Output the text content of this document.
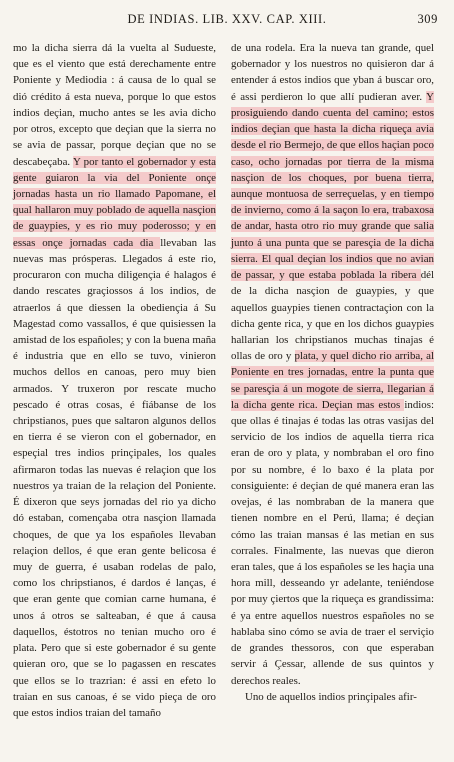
DE INDIAS. LIB. XXV. CAP. XIII.	309
mo la dicha sierra dá la vuelta al Sudueste, que es el viento que está derechamente entre Poniente y Mediodia : á causa de lo qual se dió crédito á esta nueva, porque lo que estos indios deçian, mucho antes se les avia dicho por otros, excepto que deçian que la sierra no se avia de passar, porque deçian que no se descabeçaba. Y por tanto el gobernador y esta gente guiaron la via del Poniente onçe jornadas hasta un rio llamado Papomane, el qual hallaron muy poblado de aquella nasçion de guaypies, y es rio muy poderosso; y en essas onçe jornadas cada dia llevaban las nuevas mas prósperas. Llegados á este rio, procuraron con mucha diligençia é halagos é dando rescates graçiossos á los indios, de atraerlos á que diessen la obediençia á Su Magestad como vassallos, é que quisiessen la amistad de los españoles; y con la buena maña é industria que en ello se tuvo, vinieron muchos dellos en canoas, pero muy bien armados. Y truxeron por rescate mucho pescado é otras cosas, é fiábanse de los chripstianos, pues que saltaron algunos dellos en tierra é se vieron con el gobernador, en espeçial tres indios prinçipales, los quales afirmaron todas las nuevas é relaçion que los nuestros ya traian de la relaçion del Poniente. É dixeron que seys jornadas del rio ya dicho dó estaban, començaba otra nasçion llamada choques, de que ya los españoles llevaban relaçion dellos, é que eran gente belicosa é muy de guerra, é usaban rodelas de palo, como los chripstianos, é dardos é lanças, é que eran gente que comian carne humana, é unos á otros se salteaban, é que á causa daquellos, éstotros no tenian mucho oro é plata. Pero que si este gobernador é su gente quieran oro, que se lo pagassen en rescates que ellos se lo trazrian: é assi en efeto lo traian en sus canoas, é se vido pieça de oro que estos indios traian del tamaño
de una rodela. Era la nueva tan grande, quel gobernador y los nuestros no quisieron dar á entender á estos indios que yban á buscar oro, é assi perdieron lo que allí pudieran aver. Y prosiguiendo dando cuenta del camino; estos indios deçian que hasta la dicha riqueça avia desde el rio Bermejo, de que ellos haçian poco caso, ocho jornadas por tierra de la misma nasçion de los choques, por buena tierra, aunque montuosa de serreçuelas, y en tiempo de invierno, como á la saçon lo era, trabaxosa de andar, hasta otro rio muy grande que salia junto á una punta que se paresçia de la dicha sierra. El qual deçian los indios que no avian de passar, y que estaba poblada la ribera dél de la dicha nasçion de guaypies, y que aquellos guaypies tienen contractaçion con la dicha gente rica, y que en los dichos guaypies hallarian los chripstianos muchas tinajas é ollas de oro y plata, y quel dicho rio arriba, al Poniente en tres jornadas, entre la punta que se paresçia á un mogote de sierra, llegarian á la dicha gente rica. Deçian mas estos indios: que ollas é tinajas é todas las otras vasijas del servicio de los indios de aquella tierra rica eran de oro y plata, y nombraban el oro fino por su nombre, é lo baxo é la plata por consiguiente: é deçian de qué manera eran las ovejas, é las nombraban de la manera que tienen nombre en el Perú, llama; é deçian cómo las traian mansas é las metian en sus corrales. Finalmente, las nuevas que dieron eran tales, que á los españoles se les haçia una hora mill, desseando yr adelante, teniéndose por muy çiertos que la riqueça es grandissima: é ya entre aquellos nuestros españoles no se hablaba sino cómo se avia de traer el serviçio de grandes thessoros, con que esperaban servir á Çessar, allende de sus quintos y derechos reales.
Uno de aquellos indios prinçipales afir-
